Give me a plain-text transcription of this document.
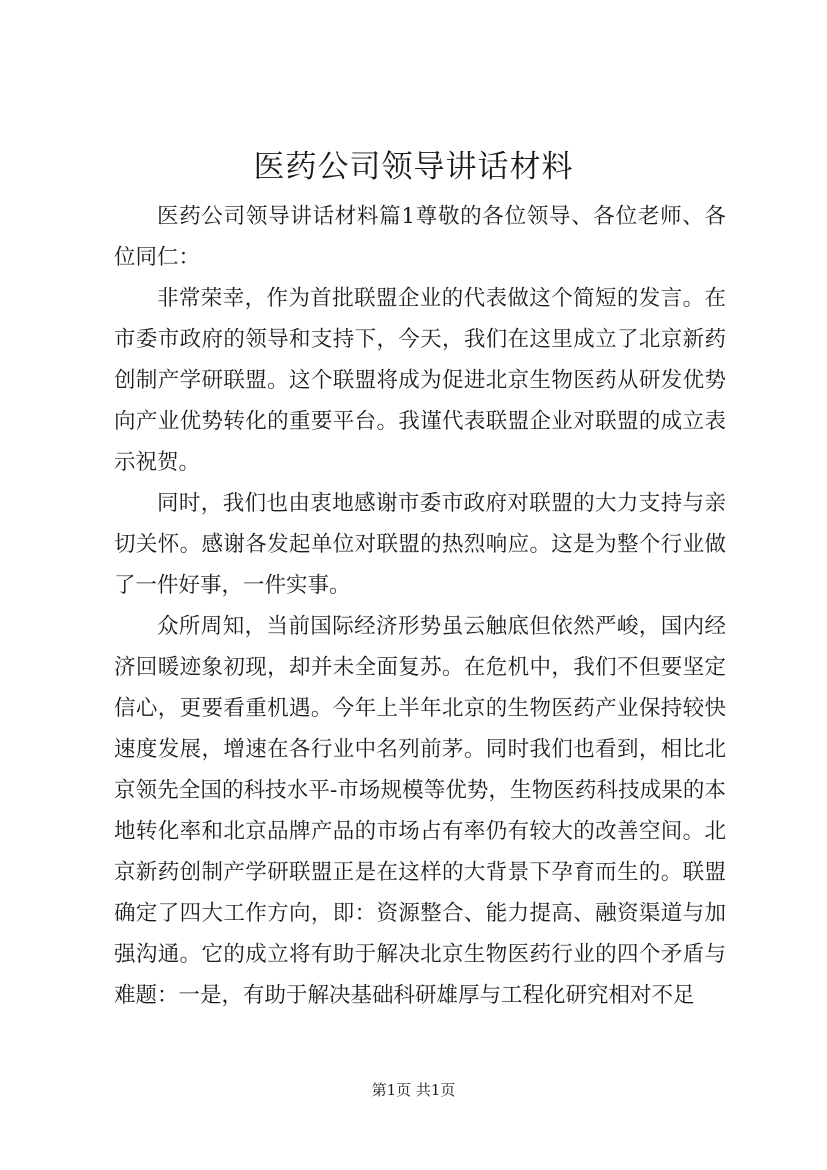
医药公司领导讲话材料

医药公司领导讲话材料篇1尊敬的各位领导、各位老师、各位同仁：

非常荣幸，作为首批联盟企业的代表做这个简短的发言。在市委市政府的领导和支持下，今天，我们在这里成立了北京新药创制产学研联盟。这个联盟将成为促进北京生物医药从研发优势向产业优势转化的重要平台。我谨代表联盟企业对联盟的成立表示祝贺。

同时，我们也由衷地感谢市委市政府对联盟的大力支持与亲切关怀。感谢各发起单位对联盟的热烈响应。这是为整个行业做了一件好事，一件实事。

众所周知，当前国际经济形势虽云触底但依然严峻，国内经济回暖迹象初现，却并未全面复苏。在危机中，我们不但要坚定信心，更要看重机遇。今年上半年北京的生物医药产业保持较快速度发展，增速在各行业中名列前茅。同时我们也看到，相比北京领先全国的科技水平-市场规模等优势，生物医药科技成果的本地转化率和北京品牌产品的市场占有率仍有较大的改善空间。北京新药创制产学研联盟正是在这样的大背景下孕育而生的。联盟确定了四大工作方向，即：资源整合、能力提高、融资渠道与加强沟通。它的成立将有助于解决北京生物医药行业的四个矛盾与难题：一是，有助于解决基础科研雄厚与工程化研究相对不足

第1页 共1页
